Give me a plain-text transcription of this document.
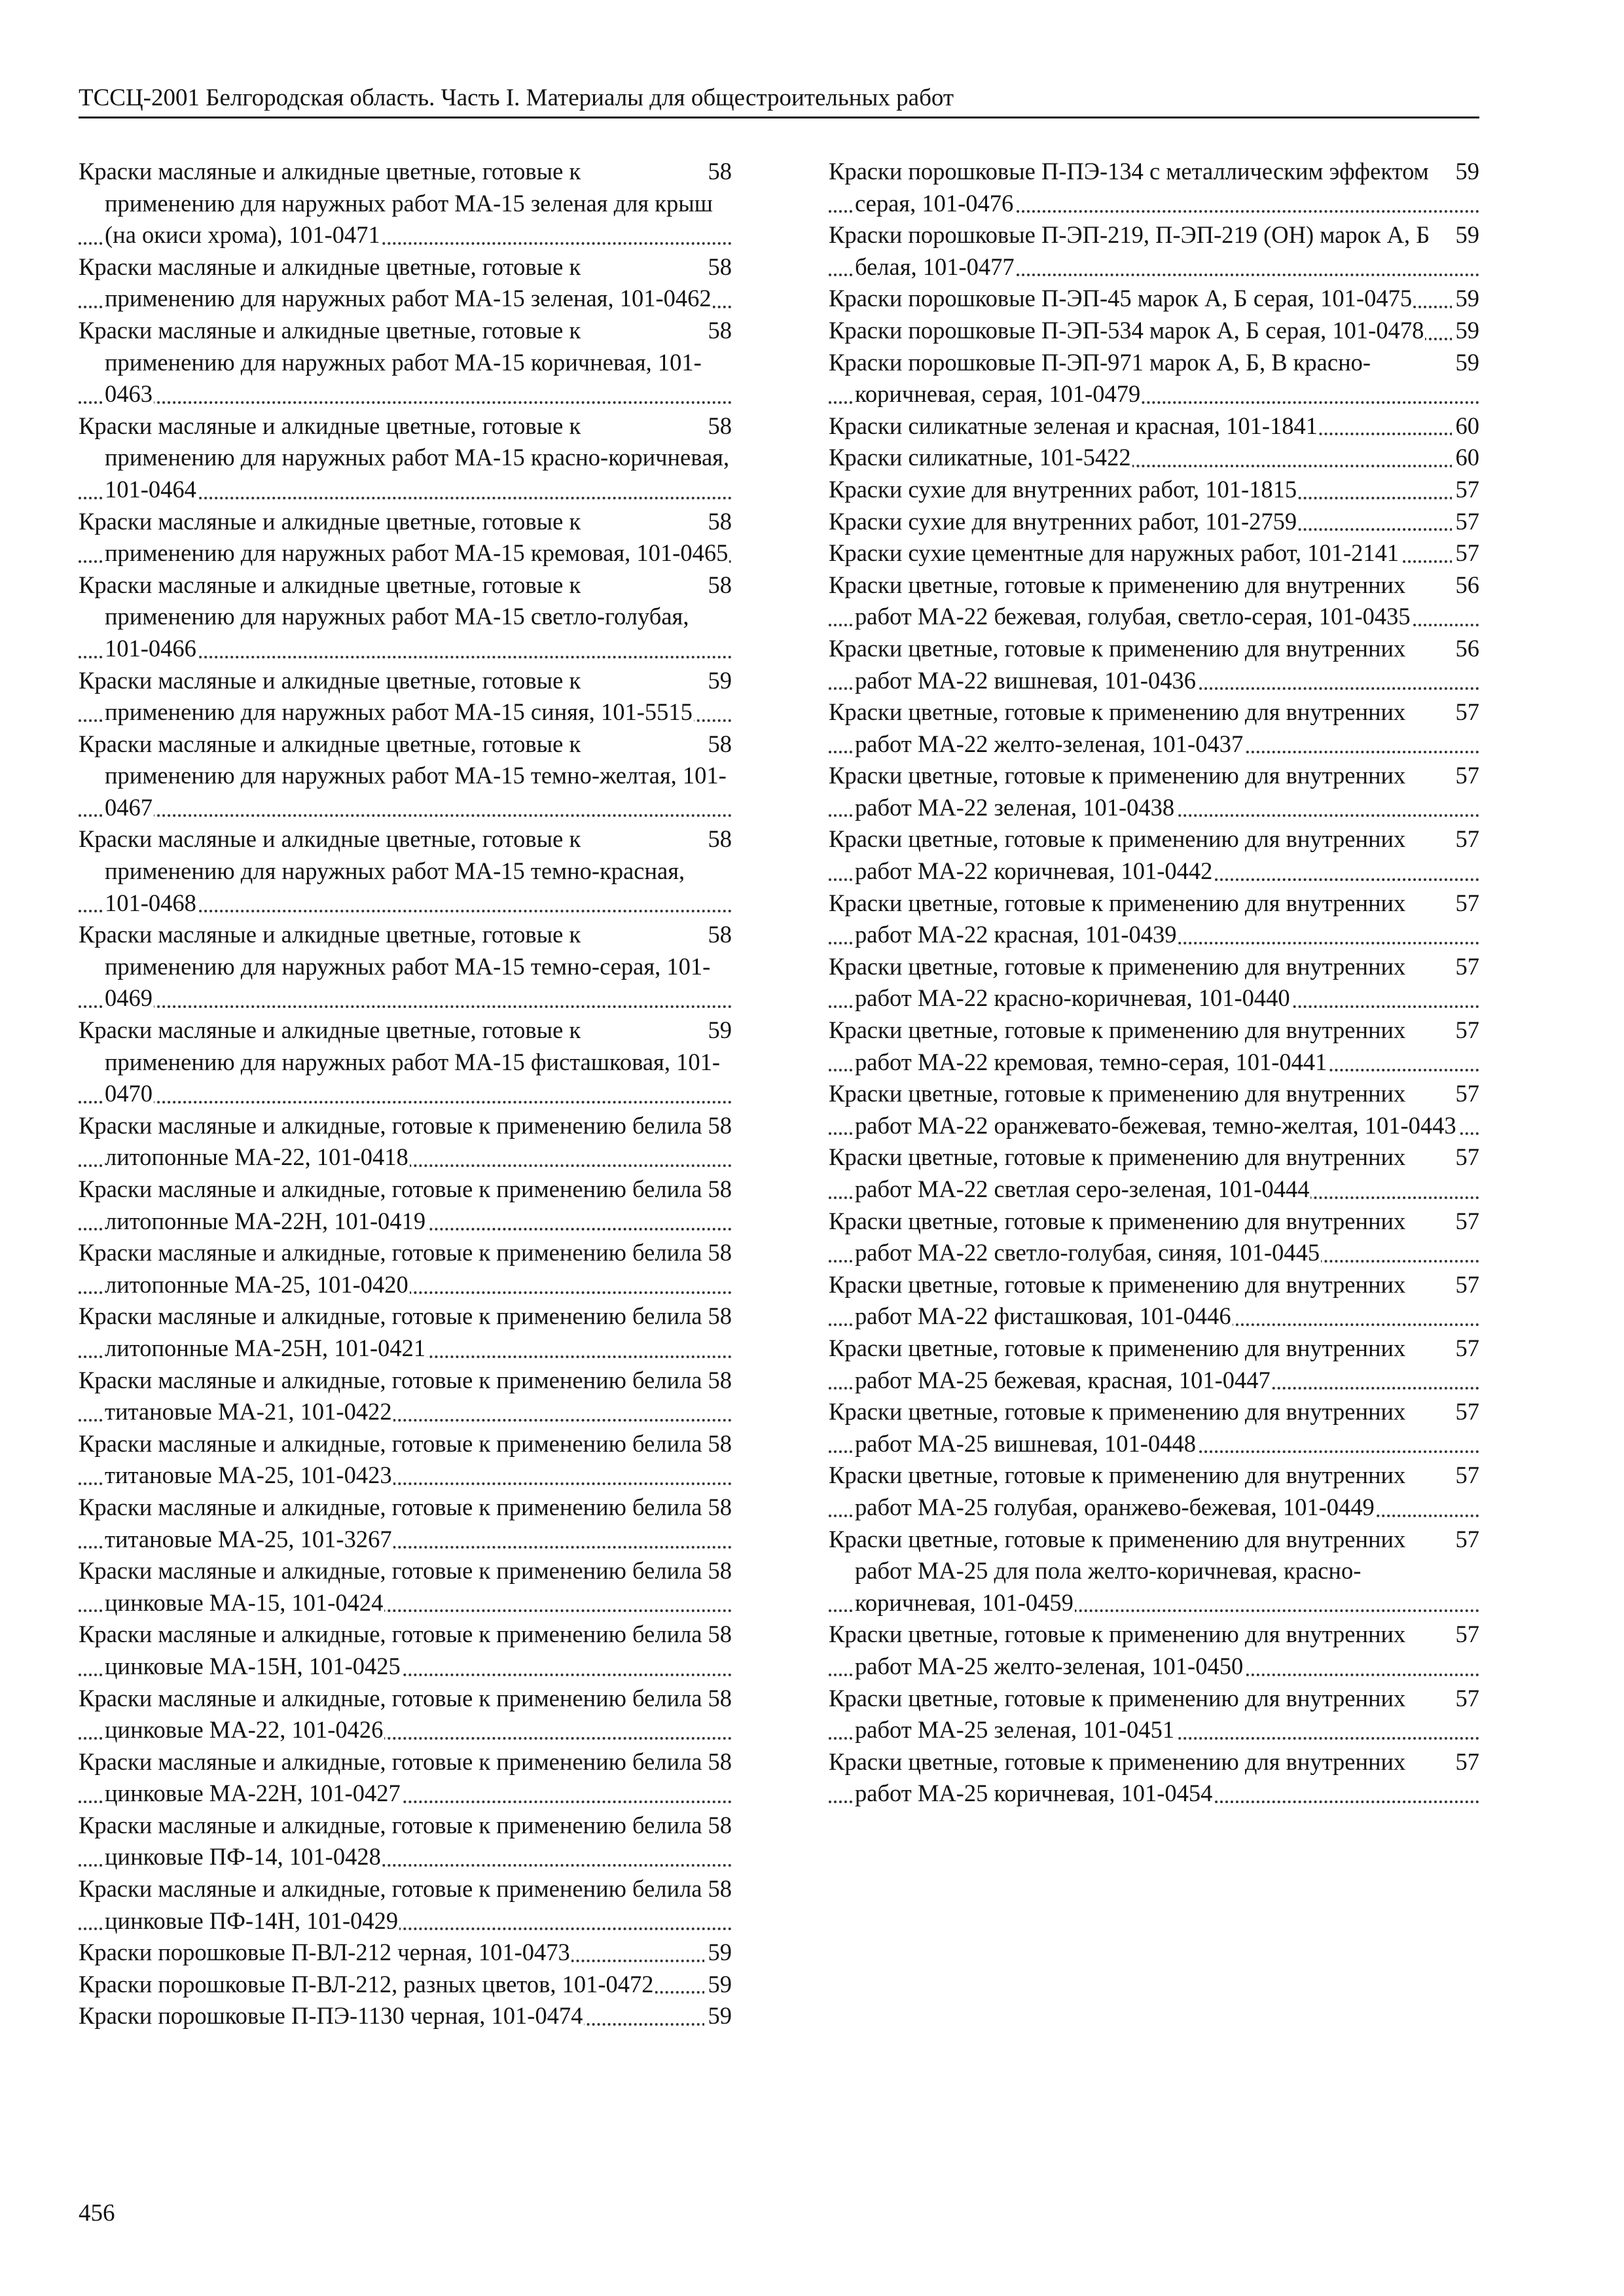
ТССЦ-2001 Белгородская область. Часть I. Материалы для общестроительных работ
58
Краски масляные и алкидные цветные, готовые к применению для наружных работ МА-15 зеленая для крыш (на окиси хрома), 101-0471
58
Краски масляные и алкидные цветные, готовые к применению для наружных работ МА-15 зеленая, 101-0462
58
Краски масляные и алкидные цветные, готовые к применению для наружных работ МА-15 коричневая, 101-0463
58
Краски масляные и алкидные цветные, готовые к применению для наружных работ МА-15 красно-коричневая, 101-0464
58
Краски масляные и алкидные цветные, готовые к применению для наружных работ МА-15 кремовая, 101-0465
58
Краски масляные и алкидные цветные, готовые к применению для наружных работ МА-15 светло-голубая, 101-0466
59
Краски масляные и алкидные цветные, готовые к применению для наружных работ МА-15 синяя, 101-5515
58
Краски масляные и алкидные цветные, готовые к применению для наружных работ МА-15 темно-желтая, 101-0467
58
Краски масляные и алкидные цветные, готовые к применению для наружных работ МА-15 темно-красная, 101-0468
58
Краски масляные и алкидные цветные, готовые к применению для наружных работ МА-15 темно-серая, 101-0469
59
Краски масляные и алкидные цветные, готовые к применению для наружных работ МА-15 фисташковая, 101-0470
58
Краски масляные и алкидные, готовые к применению белила литопонные МА-22, 101-0418
58
Краски масляные и алкидные, готовые к применению белила литопонные МА-22Н, 101-0419
58
Краски масляные и алкидные, готовые к применению белила литопонные МА-25, 101-0420
58
Краски масляные и алкидные, готовые к применению белила литопонные МА-25Н, 101-0421
58
Краски масляные и алкидные, готовые к применению белила титановые МА-21, 101-0422
58
Краски масляные и алкидные, готовые к применению белила титановые МА-25, 101-0423
58
Краски масляные и алкидные, готовые к применению белила титановые МА-25, 101-3267
58
Краски масляные и алкидные, готовые к применению белила цинковые МА-15, 101-0424
58
Краски масляные и алкидные, готовые к применению белила цинковые МА-15Н, 101-0425
58
Краски масляные и алкидные, готовые к применению белила цинковые МА-22, 101-0426
58
Краски масляные и алкидные, готовые к применению белила цинковые МА-22Н, 101-0427
58
Краски масляные и алкидные, готовые к применению белила цинковые ПФ-14, 101-0428
58
Краски масляные и алкидные, готовые к применению белила цинковые ПФ-14Н, 101-0429
59
Краски порошковые П-ВЛ-212 черная, 101-0473
59
Краски порошковые П-ВЛ-212, разных цветов, 101-0472
59
Краски порошковые П-ПЭ-1130 черная, 101-0474
59
Краски порошковые П-ПЭ-134 с металлическим эффектом серая, 101-0476
59
Краски порошковые П-ЭП-219, П-ЭП-219 (ОН) марок А, Б белая, 101-0477
59
Краски порошковые П-ЭП-45 марок А, Б серая, 101-0475
59
Краски порошковые П-ЭП-534 марок А, Б серая, 101-0478
59
Краски порошковые П-ЭП-971 марок А, Б, В красно-коричневая, серая, 101-0479
60
Краски силикатные зеленая и красная, 101-1841
60
Краски силикатные, 101-5422
57
Краски сухие для внутренних работ, 101-1815
57
Краски сухие для внутренних работ, 101-2759
57
Краски сухие цементные для наружных работ, 101-2141
56
Краски цветные, готовые к применению для внутренних работ МА-22 бежевая, голубая, светло-серая, 101-0435
56
Краски цветные, готовые к применению для внутренних работ МА-22 вишневая, 101-0436
57
Краски цветные, готовые к применению для внутренних работ МА-22 желто-зеленая, 101-0437
57
Краски цветные, готовые к применению для внутренних работ МА-22 зеленая, 101-0438
57
Краски цветные, готовые к применению для внутренних работ МА-22 коричневая, 101-0442
57
Краски цветные, готовые к применению для внутренних работ МА-22 красная, 101-0439
57
Краски цветные, готовые к применению для внутренних работ МА-22 красно-коричневая, 101-0440
57
Краски цветные, готовые к применению для внутренних работ МА-22 кремовая, темно-серая, 101-0441
57
Краски цветные, готовые к применению для внутренних работ МА-22 оранжевато-бежевая, темно-желтая, 101-0443
57
Краски цветные, готовые к применению для внутренних работ МА-22 светлая серо-зеленая, 101-0444
57
Краски цветные, готовые к применению для внутренних работ МА-22 светло-голубая, синяя, 101-0445
57
Краски цветные, готовые к применению для внутренних работ МА-22 фисташковая, 101-0446
57
Краски цветные, готовые к применению для внутренних работ МА-25 бежевая, красная, 101-0447
57
Краски цветные, готовые к применению для внутренних работ МА-25 вишневая, 101-0448
57
Краски цветные, готовые к применению для внутренних работ МА-25 голубая, оранжево-бежевая, 101-0449
57
Краски цветные, готовые к применению для внутренних работ МА-25 для пола желто-коричневая, красно-коричневая, 101-0459
57
Краски цветные, готовые к применению для внутренних работ МА-25 желто-зеленая, 101-0450
57
Краски цветные, готовые к применению для внутренних работ МА-25 зеленая, 101-0451
57
Краски цветные, готовые к применению для внутренних работ МА-25 коричневая, 101-0454
456
